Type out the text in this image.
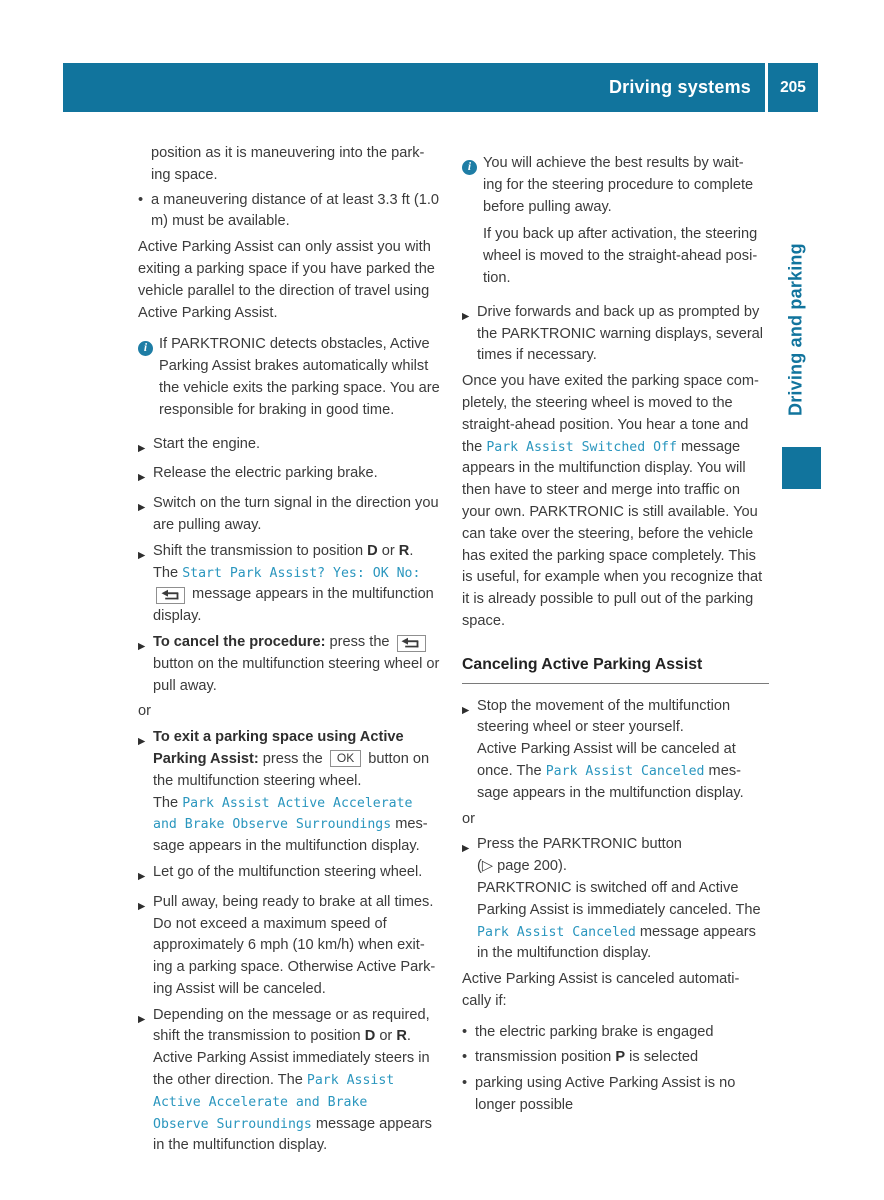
Driving systems	205
Driving and parking
position as it is maneuvering into the park-
ing space.
• a maneuvering distance of at least 3.3 ft (1.0 m) must be available.
Active Parking Assist can only assist you with exiting a parking space if you have parked the vehicle parallel to the direction of travel using Active Parking Assist.
i If PARKTRONIC detects obstacles, Active Parking Assist brakes automatically whilst the vehicle exits the parking space. You are responsible for braking in good time.

▶ Start the engine.
▶ Release the electric parking brake.
▶ Switch on the turn signal in the direction you are pulling away.
▶ Shift the transmission to position D or R.
The Start Park Assist? Yes: OK No:
message appears in the multifunction display.
▶ To cancel the procedure: press the
button on the multifunction steering wheel or pull away.
or
▶ To exit a parking space using Active Parking Assist: press the OK button on the multifunction steering wheel.
The Park Assist Active Accelerate
and Brake Observe Surroundings mes-
sage appears in the multifunction display.
▶ Let go of the multifunction steering wheel.
▶ Pull away, being ready to brake at all times. Do not exceed a maximum speed of approximately 6 mph (10 km/h) when exit-
ing a parking space. Otherwise Active Park-
ing Assist will be canceled.
▶ Depending on the message or as required, shift the transmission to position D or R.
Active Parking Assist immediately steers in the other direction. The Park Assist
Active Accelerate and Brake
Observe Surroundings message appears in the multifunction display.
i You will achieve the best results by wait-
ing for the steering procedure to complete before pulling away.

If you back up after activation, the steering wheel is moved to the straight-ahead posi-
tion.

▶ Drive forwards and back up as prompted by the PARKTRONIC warning displays, several times if necessary.
Once you have exited the parking space com-
pletely, the steering wheel is moved to the straight-ahead position. You hear a tone and the Park Assist Switched Off message appears in the multifunction display. You will then have to steer and merge into traffic on your own. PARKTRONIC is still available. You can take over the steering, before the vehicle has exited the parking space completely. This is useful, for example when you recognize that it is already possible to pull out of the parking space.
Canceling Active Parking Assist
▶ Stop the movement of the multifunction steering wheel or steer yourself.
Active Parking Assist will be canceled at once. The Park Assist Canceled mes-
sage appears in the multifunction display.
or
▶ Press the PARKTRONIC button
(▷ page 200).
PARKTRONIC is switched off and Active Parking Assist is immediately canceled. The Park Assist Canceled message appears in the multifunction display.
Active Parking Assist is canceled automati-
cally if:
• the electric parking brake is engaged
• transmission position P is selected
• parking using Active Parking Assist is no longer possible
